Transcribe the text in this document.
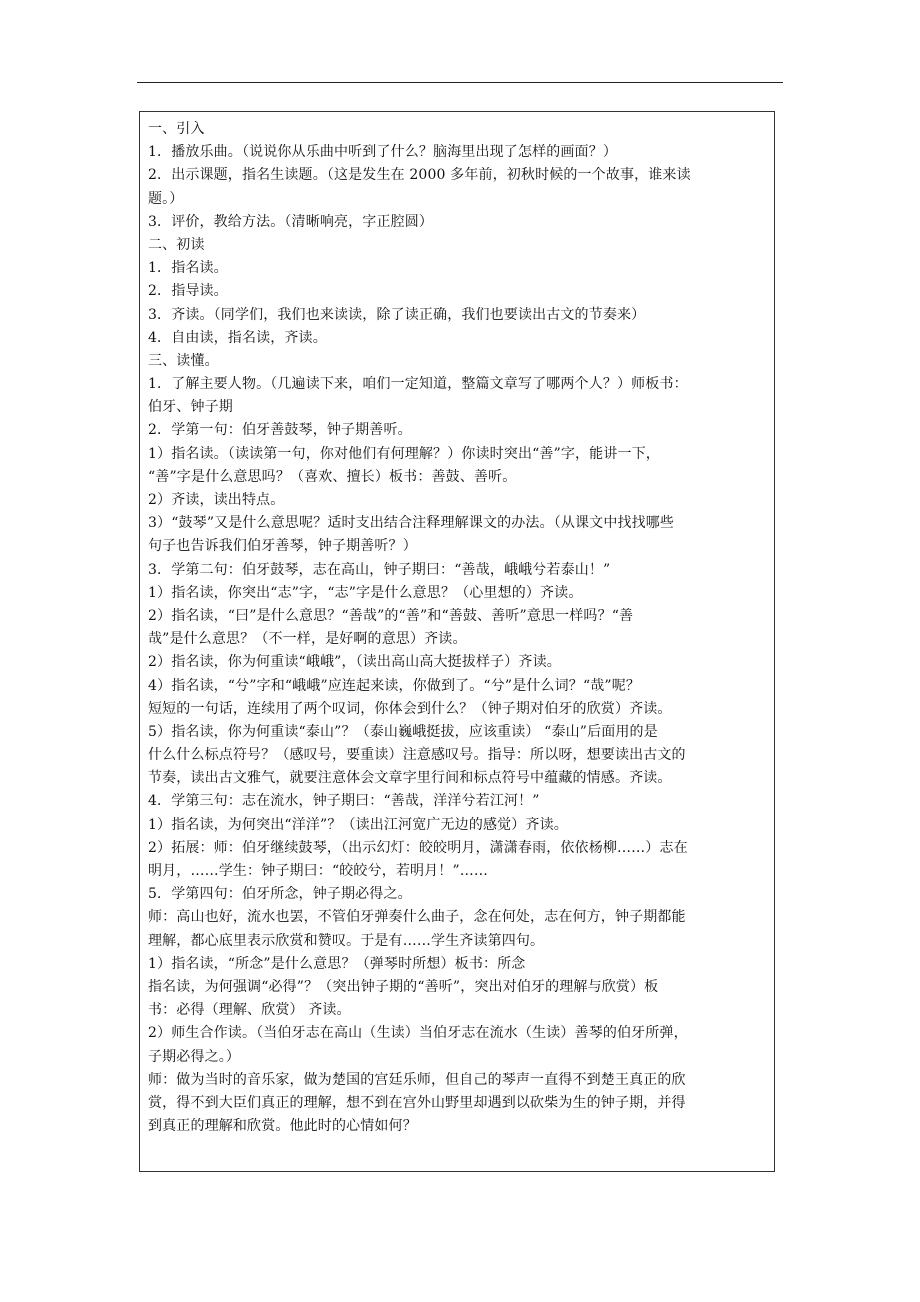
一、引入
1．播放乐曲。（说说你从乐曲中听到了什么？脑海里出现了怎样的画面？）
2．出示课题，指名生读题。（这是发生在 2000 多年前，初秋时候的一个故事，谁来读
题。）
3．评价，教给方法。（清晰响亮，字正腔圆）
二、初读
1．指名读。
2．指导读。
3．齐读。（同学们，我们也来读读，除了读正确，我们也要读出古文的节奏来）
4．自由读，指名读，齐读。
三、读懂。
1．了解主要人物。（几遍读下来，咱们一定知道，整篇文章写了哪两个人？）师板书：
伯牙、钟子期
2．学第一句：伯牙善鼓琴，钟子期善听。
1）指名读。（读读第一句，你对他们有何理解？）你读时突出“善”字，能讲一下，
“善”字是什么意思吗？（喜欢、擅长）板书：善鼓、善听。
2）齐读，读出特点。
3）“鼓琴”又是什么意思呢？适时支出结合注释理解课文的办法。（从课文中找找哪些
句子也告诉我们伯牙善琴，钟子期善听？）
3．学第二句：伯牙鼓琴，志在高山，钟子期曰：“善哉，峨峨兮若泰山！”
1）指名读，你突出“志”字，“志”字是什么意思？（心里想的）齐读。
2）指名读，“曰”是什么意思？“善哉”的“善”和“善鼓、善听”意思一样吗？“善
哉”是什么意思？（不一样，是好啊的意思）齐读。
2）指名读，你为何重读“峨峨”，（读出高山高大挺拔样子）齐读。
4）指名读，“兮”字和“峨峨”应连起来读，你做到了。“兮”是什么词？“哉”呢？
短短的一句话，连续用了两个叹词，你体会到什么？（钟子期对伯牙的欣赏）齐读。
5）指名读，你为何重读“泰山”？（泰山巍峨挺拔，应该重读） “泰山”后面用的是
什么什么标点符号？（感叹号，要重读）注意感叹号。指导：所以呀，想要读出古文的
节奏，读出古文雅气，就要注意体会文章字里行间和标点符号中蕴藏的情感。齐读。
4．学第三句：志在流水，钟子期曰：“善哉，洋洋兮若江河！”
1）指名读，为何突出“洋洋”？（读出江河宽广无边的感觉）齐读。
2）拓展：师：伯牙继续鼓琴，（出示幻灯：皎皎明月，潇潇春雨，依依杨柳……）志在
明月，……学生：钟子期曰：“皎皎兮，若明月！”……
5．学第四句：伯牙所念，钟子期必得之。
师：高山也好，流水也罢，不管伯牙弹奏什么曲子，念在何处，志在何方，钟子期都能
理解，都心底里表示欣赏和赞叹。于是有……学生齐读第四句。
1）指名读，“所念”是什么意思？（弹琴时所想）板书：所念
指名读，为何强调“必得”？（突出钟子期的“善听”，突出对伯牙的理解与欣赏）板
书：必得（理解、欣赏） 齐读。
2）师生合作读。（当伯牙志在高山（生读）当伯牙志在流水（生读）善琴的伯牙所弹，
子期必得之。）
师：做为当时的音乐家，做为楚国的宫廷乐师，但自己的琴声一直得不到楚王真正的欣
赏，得不到大臣们真正的理解，想不到在宫外山野里却遇到以砍柴为生的钟子期，并得
到真正的理解和欣赏。他此时的心情如何？
